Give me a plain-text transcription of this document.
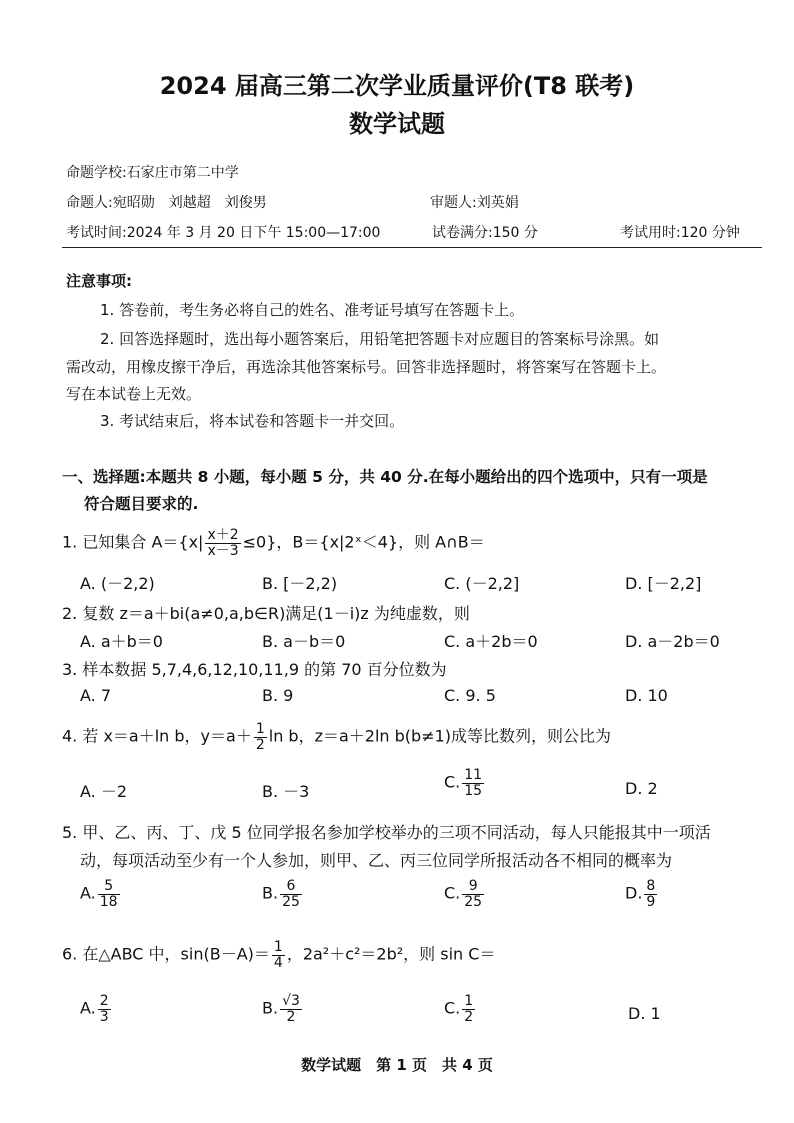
2024 届高三第二次学业质量评价(T8 联考)
数学试题
命题学校:石家庄市第二中学
命题人:宛昭勋　刘越超　刘俊男	审题人:刘英娟
考试时间:2024 年 3 月 20 日下午 15:00—17:00	试卷满分:150 分	考试用时:120 分钟
注意事项:
1. 答卷前，考生务必将自己的姓名、准考证号填写在答题卡上。
2. 回答选择题时，选出每小题答案后，用铅笔把答题卡对应题目的答案标号涂黑。如
需改动，用橡皮擦干净后，再选涂其他答案标号。回答非选择题时，将答案写在答题卡上。
写在本试卷上无效。
3. 考试结束后，将本试卷和答题卡一并交回。
一、选择题:本题共 8 小题，每小题 5 分，共 40 分.在每小题给出的四个选项中，只有一项是
符合题目要求的.
1. 已知集合 $A=\{x| \frac{x+2}{x-3} \le 0\}$，B＝{x|2ˣ＜4}，则 A∩B＝
A. (－2,2)	B. [－2,2)	C. (－2,2]	D. [－2,2]
2. 复数 z＝a＋bi(a≠0,a,b∈R)满足(1－i)z 为纯虚数，则
A. a＋b＝0	B. a－b＝0	C. a＋2b＝0	D. a－2b＝0
3. 样本数据 5,7,4,6,12,10,11,9 的第 70 百分位数为
A. 7	B. 9	C. 9. 5	D. 10
4. 若 x＝a＋ln b，$y=a+ \frac{1}{2}$ ln b，z＝a＋2ln b(b≠1)成等比数列，则公比为
A. －2	B. －3	C. $\frac{11}{15}$	D. 2
5. 甲、乙、丙、丁、戊 5 位同学报名参加学校举办的三项不同活动，每人只能报其中一项活
动，每项活动至少有一个人参加，则甲、乙、丙三位同学所报活动各不相同的概率为
A. $\frac{5}{18}$	B. $\frac{6}{25}$	C. $\frac{9}{25}$	D. $\frac{8}{9}$
6. 在△ABC 中，$\sin(B-A)= \frac{1}{4}$ ，2a²＋c²＝2b²，则 sin C＝
A. $\frac{2}{3}$	B. $\frac{√3}{2}$	C. $\frac{1}{2}$	D. 1
数学试题　第 1 页　共 4 页
